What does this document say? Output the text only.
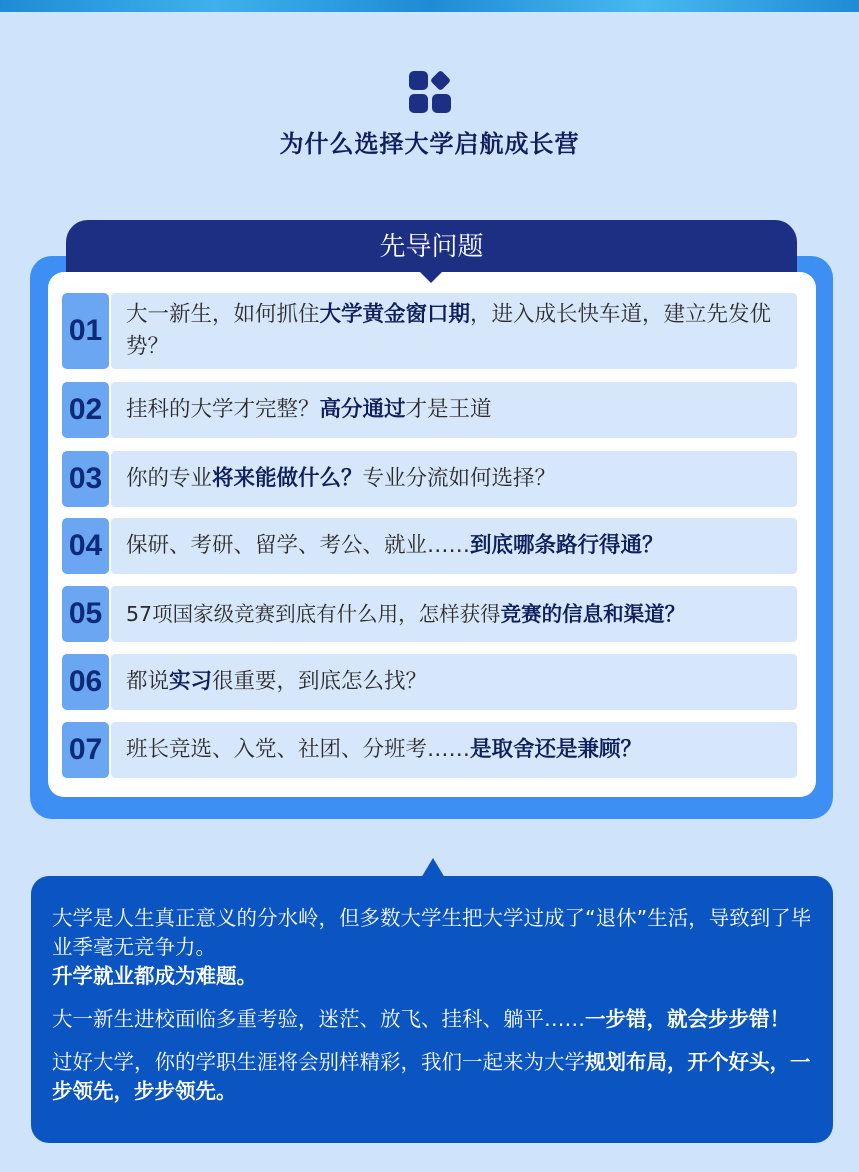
为什么选择大学启航成长营
先导问题
01	大一新生，如何抓住大学黄金窗口期，进入成长快车道，建立先发优势？
02	挂科的大学才完整？高分通过才是王道
03	你的专业将来能做什么？专业分流如何选择？
04	保研、考研、留学、考公、就业……到底哪条路行得通？
05	57项国家级竞赛到底有什么用，怎样获得竞赛的信息和渠道？
06	都说实习很重要，到底怎么找？
07	班长竞选、入党、社团、分班考……是取舍还是兼顾？

大学是人生真正意义的分水岭，但多数大学生把大学过成了“退休”生活，导致到了毕业季毫无竞争力。
升学就业都成为难题。

大一新生进校面临多重考验，迷茫、放飞、挂科、躺平……一步错，就会步步错！

过好大学，你的学职生涯将会别样精彩，我们一起来为大学规划布局，开个好头，一步领先，步步领先。
